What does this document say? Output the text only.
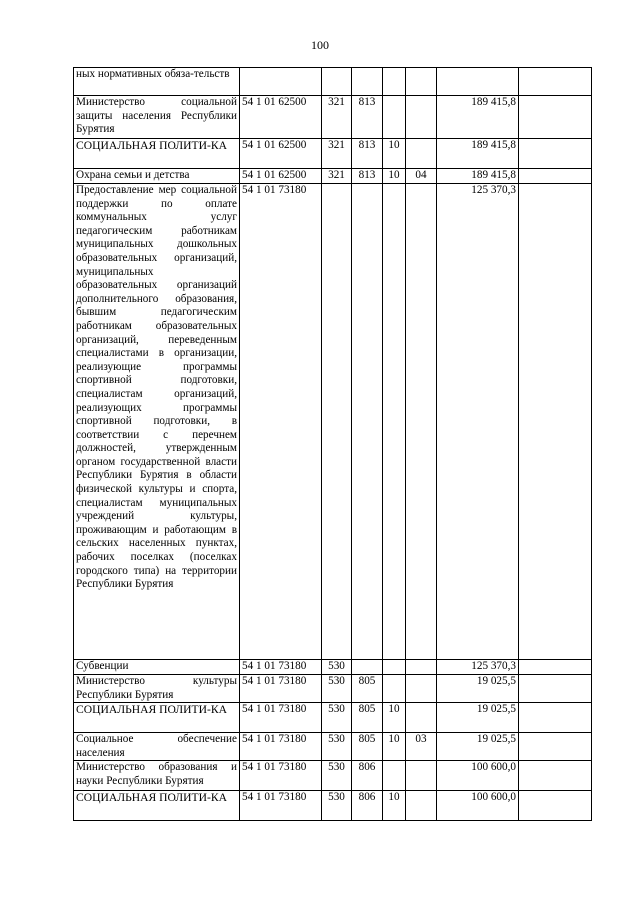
100
ных нормативных обяза-тельств							
Министерство социальной защиты населения Республики Бурятия	54 1 01 62500	321	813			189 415,8	
СОЦИАЛЬНАЯ ПОЛИТИ-КА	54 1 01 62500	321	813	10		189 415,8	
Охрана семьи и детства	54 1 01 62500	321	813	10	04	189 415,8	
Предоставление мер социальной поддержки по оплате коммунальных услуг педагогическим работникам муниципальных дошкольных образовательных организаций, муниципальных образовательных организаций дополнительного образования, бывшим педагогическим работникам образовательных организаций, переведенным специалистами в организации, реализующие программы спортивной подготовки, специалистам организаций, реализующих программы спортивной подготовки, в соответствии с перечнем должностей, утвержденным органом государственной власти Республики Бурятия в области физической культуры и спорта, специалистам муниципальных учреждений культуры, проживающим и работающим в сельских населенных пунктах, рабочих поселках (поселках городского типа) на территории Республики Бурятия	54 1 01 73180					125 370,3	
Субвенции	54 1 01 73180	530				125 370,3	
Министерство культуры Республики Бурятия	54 1 01 73180	530	805			19 025,5	
СОЦИАЛЬНАЯ ПОЛИТИ-КА	54 1 01 73180	530	805	10		19 025,5	
Социальное обеспечение населения	54 1 01 73180	530	805	10	03	19 025,5	
Министерство образования и науки Республики Бурятия	54 1 01 73180	530	806			100 600,0	
СОЦИАЛЬНАЯ ПОЛИТИ-КА	54 1 01 73180	530	806	10		100 600,0	
